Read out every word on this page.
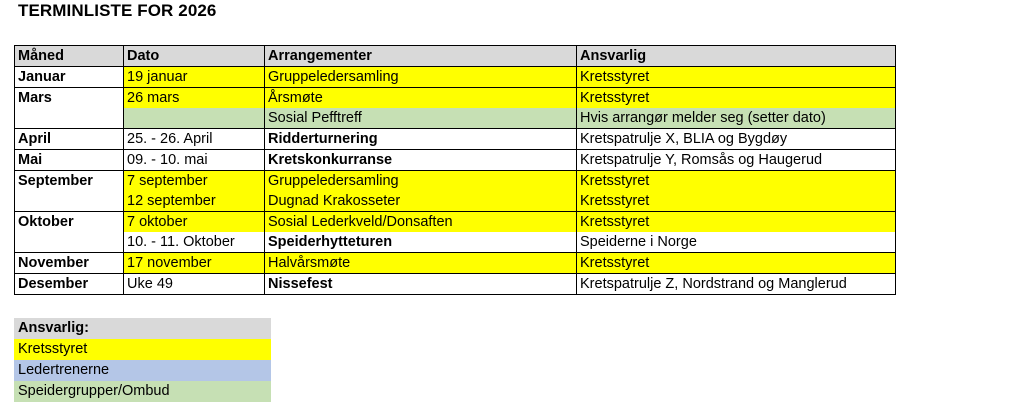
TERMINLISTE FOR 2026
Måned	Dato	Arrangementer	Ansvarlig
Januar	19 januar	Gruppeledersamling	Kretsstyret
Mars	26 mars	Årsmøte	Kretsstyret
		Sosial Pefftreff	Hvis arrangør melder seg (setter dato)
April	25. - 26. April	Ridderturnering	Kretspatrulje X, BLIA og Bygdøy
Mai	09. - 10. mai	Kretskonkurranse	Kretspatrulje Y, Romsås og Haugerud
September	7 september	Gruppeledersamling	Kretsstyret
	12 september	Dugnad Krakosseter	Kretsstyret
Oktober	7 oktober	Sosial Lederkveld/Donsaften	Kretsstyret
	10. - 11. Oktober	Speiderhytteturen	Speiderne i Norge
November	17 november	Halvårsmøte	Kretsstyret
Desember	Uke 49	Nissefest	Kretspatrulje Z, Nordstrand og Manglerud
Ansvarlig:
Kretsstyret
Ledertrenerne
Speidergrupper/Ombud
